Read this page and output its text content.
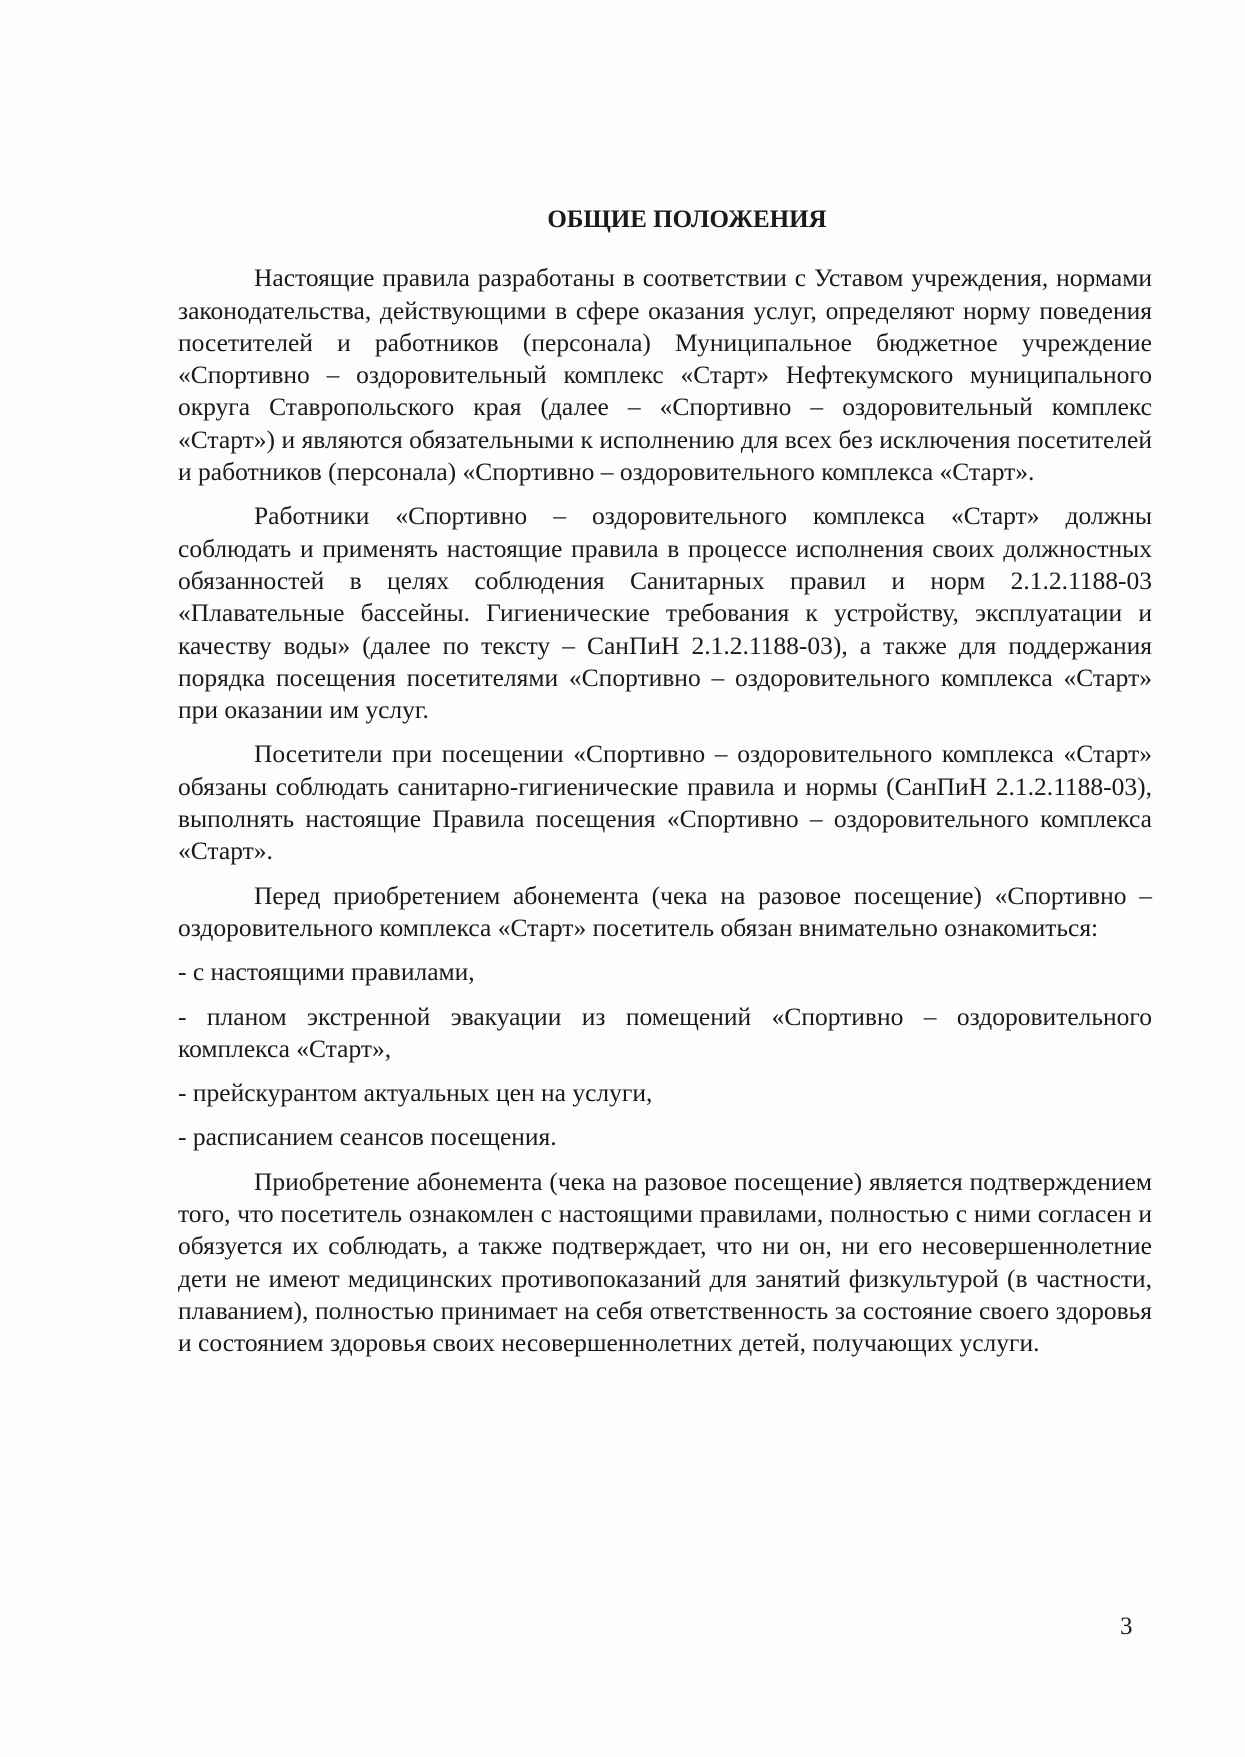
ОБЩИЕ ПОЛОЖЕНИЯ

Настоящие правила разработаны в соответствии с Уставом учреждения, нормами законодательства, действующими в сфере оказания услуг, определяют норму поведения посетителей и работников (персонала) Муниципальное бюджетное учреждение «Спортивно – оздоровительный комплекс «Старт» Нефтекумского муниципального округа Ставропольского края (далее – «Спортивно – оздоровительный комплекс «Старт») и являются обязательными к исполнению для всех без исключения посетителей и работников (персонала) «Спортивно – оздоровительного комплекса «Старт».

Работники «Спортивно – оздоровительного комплекса «Старт» должны соблюдать и применять настоящие правила в процессе исполнения своих должностных обязанностей в целях соблюдения Санитарных правил и норм 2.1.2.1188-03 «Плавательные бассейны. Гигиенические требования к устройству, эксплуатации и качеству воды» (далее по тексту – СанПиН 2.1.2.1188-03), а также для поддержания порядка посещения посетителями «Спортивно – оздоровительного комплекса «Старт» при оказании им услуг.

Посетители при посещении «Спортивно – оздоровительного комплекса «Старт» обязаны соблюдать санитарно-гигиенические правила и нормы (СанПиН 2.1.2.1188-03), выполнять настоящие Правила посещения «Спортивно – оздоровительного комплекса «Старт».

Перед приобретением абонемента (чека на разовое посещение) «Спортивно – оздоровительного комплекса «Старт» посетитель обязан внимательно ознакомиться:

- с настоящими правилами,

- планом экстренной эвакуации из помещений «Спортивно – оздоровительного комплекса «Старт»,

- прейскурантом актуальных цен на услуги,

- расписанием сеансов посещения.

Приобретение абонемента (чека на разовое посещение) является подтверждением того, что посетитель ознакомлен с настоящими правилами, полностью с ними согласен и обязуется их соблюдать, а также подтверждает, что ни он, ни его несовершеннолетние дети не имеют медицинских противопоказаний для занятий физкультурой (в частности, плаванием), полностью принимает на себя ответственность за состояние своего здоровья и состоянием здоровья своих несовершеннолетних детей, получающих услуги.

3
